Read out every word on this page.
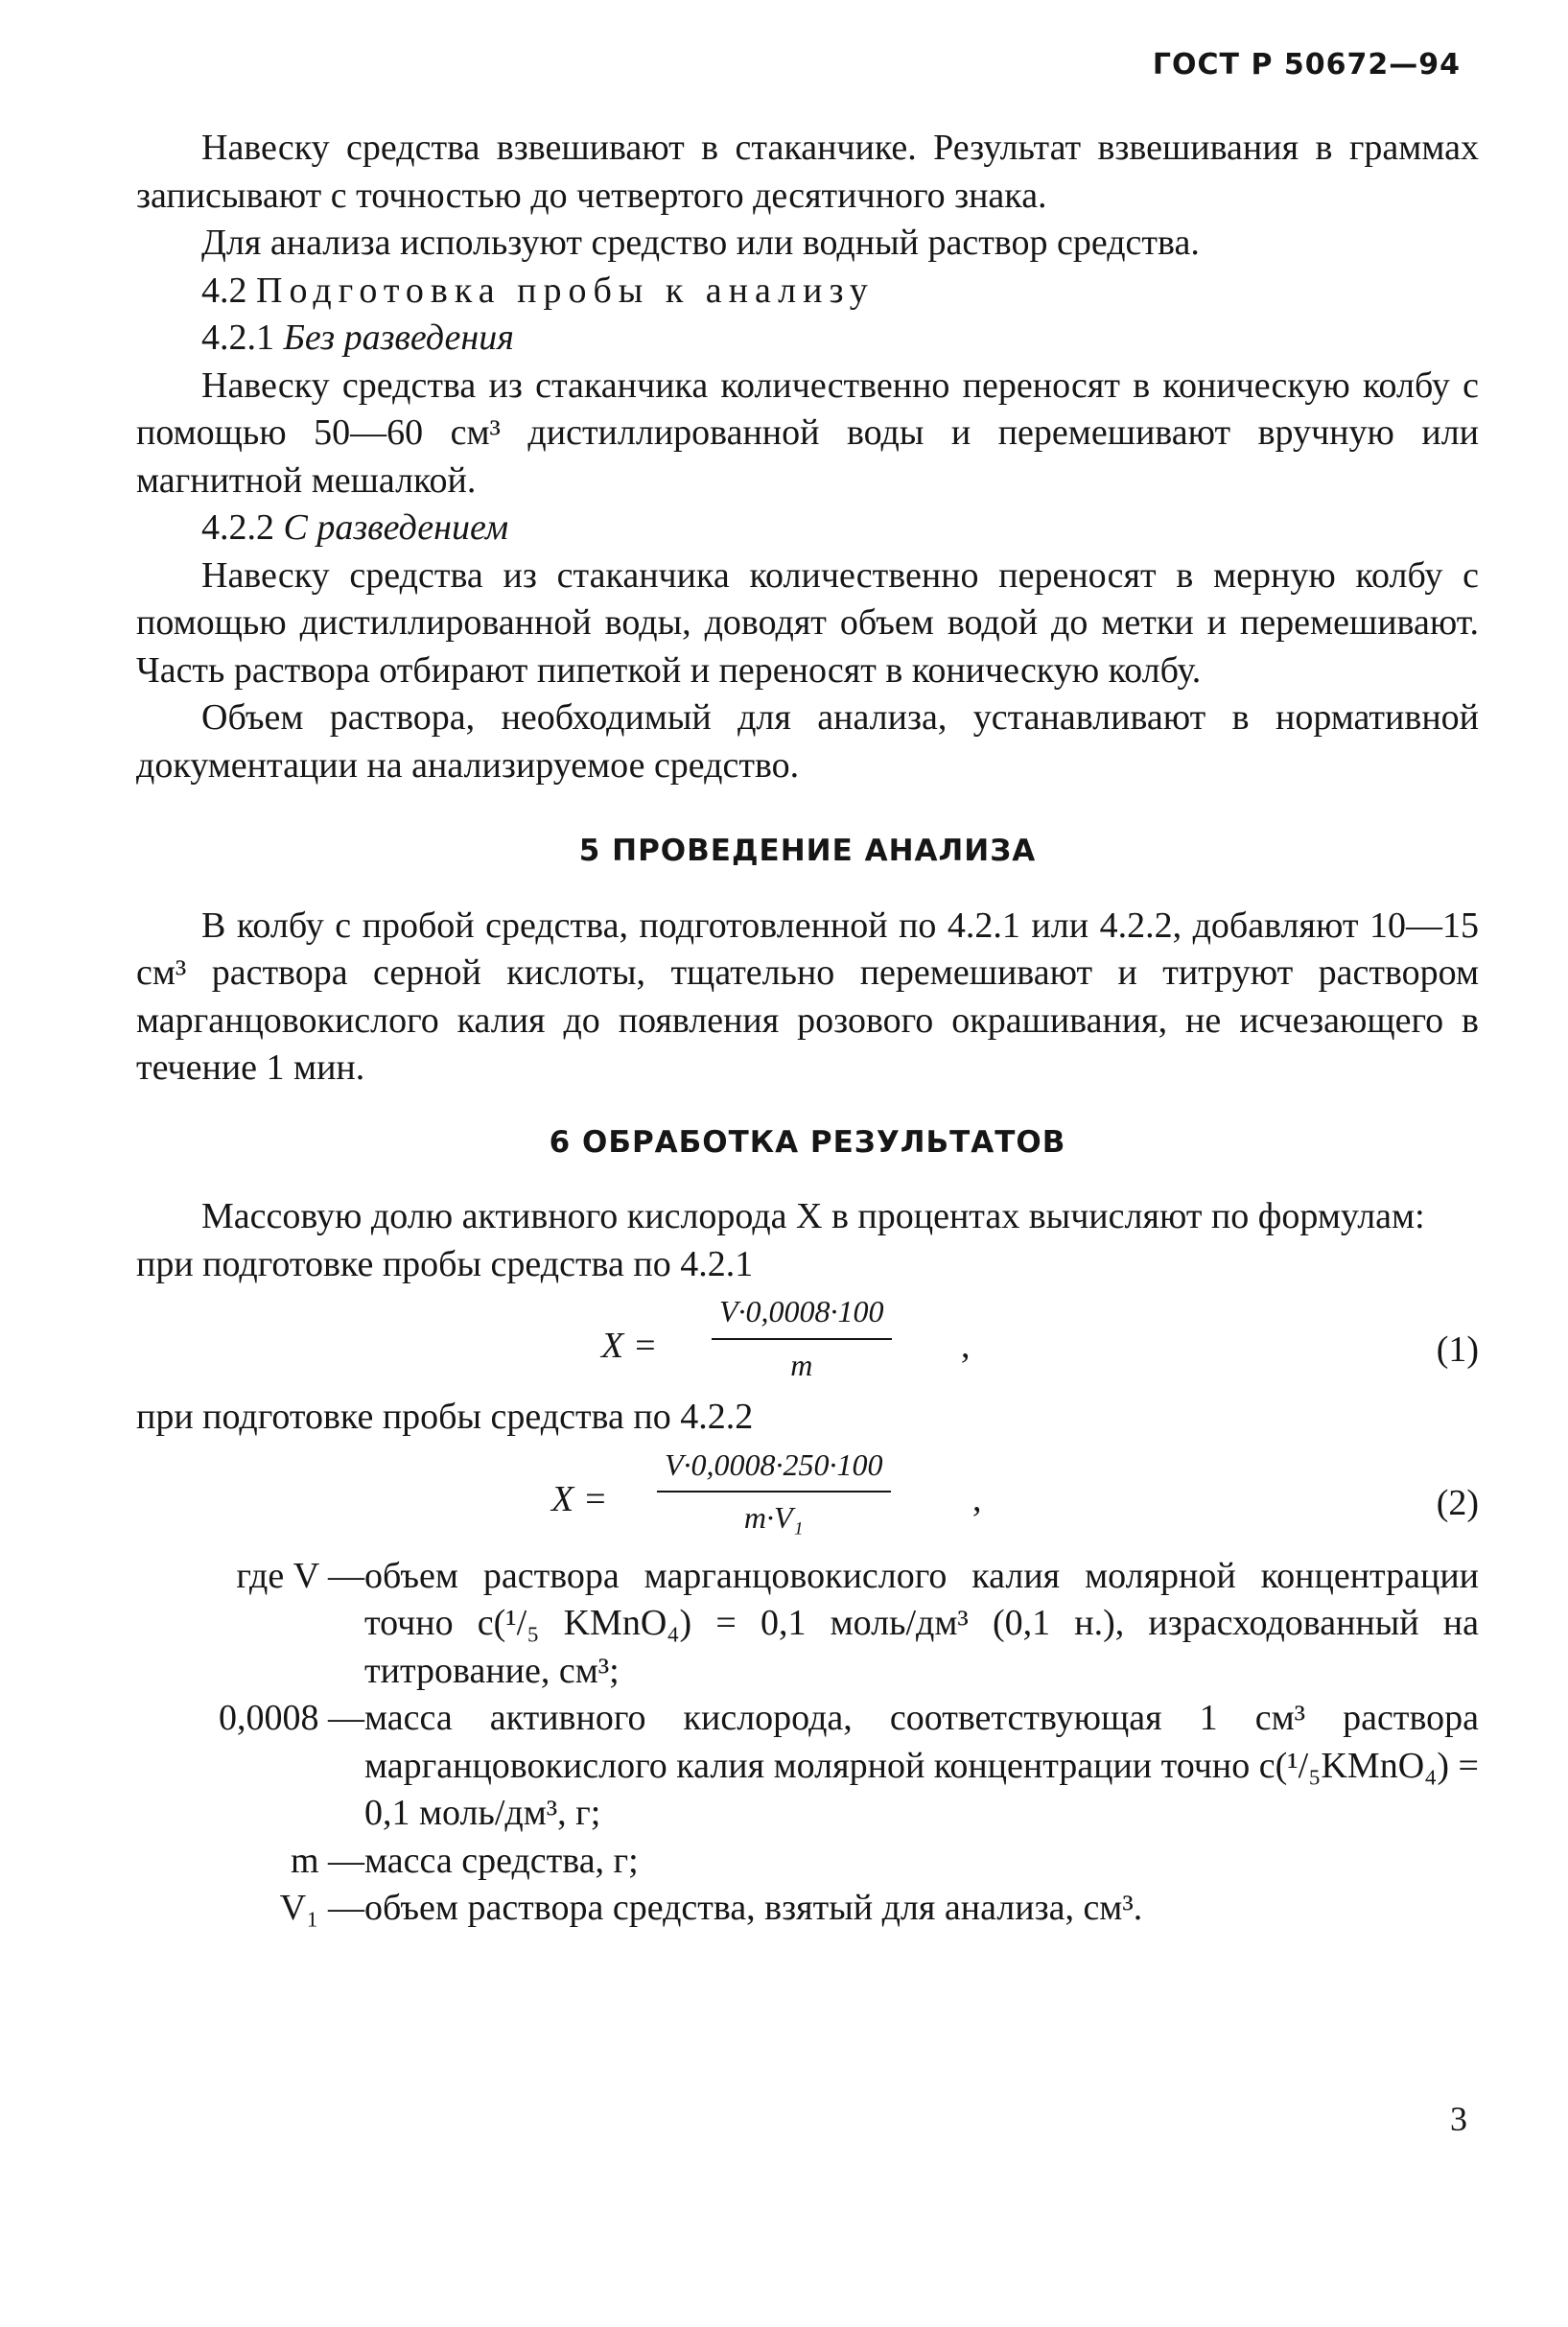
ГОСТ Р 50672—94

Навеску средства взвешивают в стаканчике. Результат взвешивания в граммах записывают с точностью до четвертого десятичного знака.

Для анализа используют средство или водный раствор средства.

4.2 Подготовка пробы к анализу

4.2.1 Без разведения

Навеску средства из стаканчика количественно переносят в коническую колбу с помощью 50—60 см³ дистиллированной воды и перемешивают вручную или магнитной мешалкой.

4.2.2 С разведением

Навеску средства из стаканчика количественно переносят в мерную колбу с помощью дистиллированной воды, доводят объем водой до метки и перемешивают. Часть раствора отбирают пипеткой и переносят в коническую колбу.

Объем раствора, необходимый для анализа, устанавливают в нормативной документации на анализируемое средство.

5 ПРОВЕДЕНИЕ АНАЛИЗА

В колбу с пробой средства, подготовленной по 4.2.1 или 4.2.2, добавляют 10—15 см³ раствора серной кислоты, тщательно перемешивают и титруют раствором марганцовокислого калия до появления розового окрашивания, не исчезающего в течение 1 мин.

6 ОБРАБОТКА РЕЗУЛЬТАТОВ

Массовую долю активного кислорода X в процентах вычисляют по формулам:

при подготовке пробы средства по 4.2.1

$X = \frac{V\cdot 0,0008\cdot 100}{m}$ ,	(1)

при подготовке пробы средства по 4.2.2

$X = \frac{V\cdot 0,0008\cdot 250\cdot 100}{\text{m·V₁}}$ ,	(2)
где V — объем раствора марганцовокислого калия молярной концентрации точно c(¹/₅ KMnO₄) = 0,1 моль/дм³ (0,1 н.), израсходованный на титрование, см³;
0,0008 — масса активного кислорода, соответствующая 1 см³ раствора марганцовокислого калия молярной концентрации точно c(¹/₅KMnO₄) = 0,1 моль/дм³, г;
m — масса средства, г;
V₁ — объем раствора средства, взятый для анализа, см³.
3
